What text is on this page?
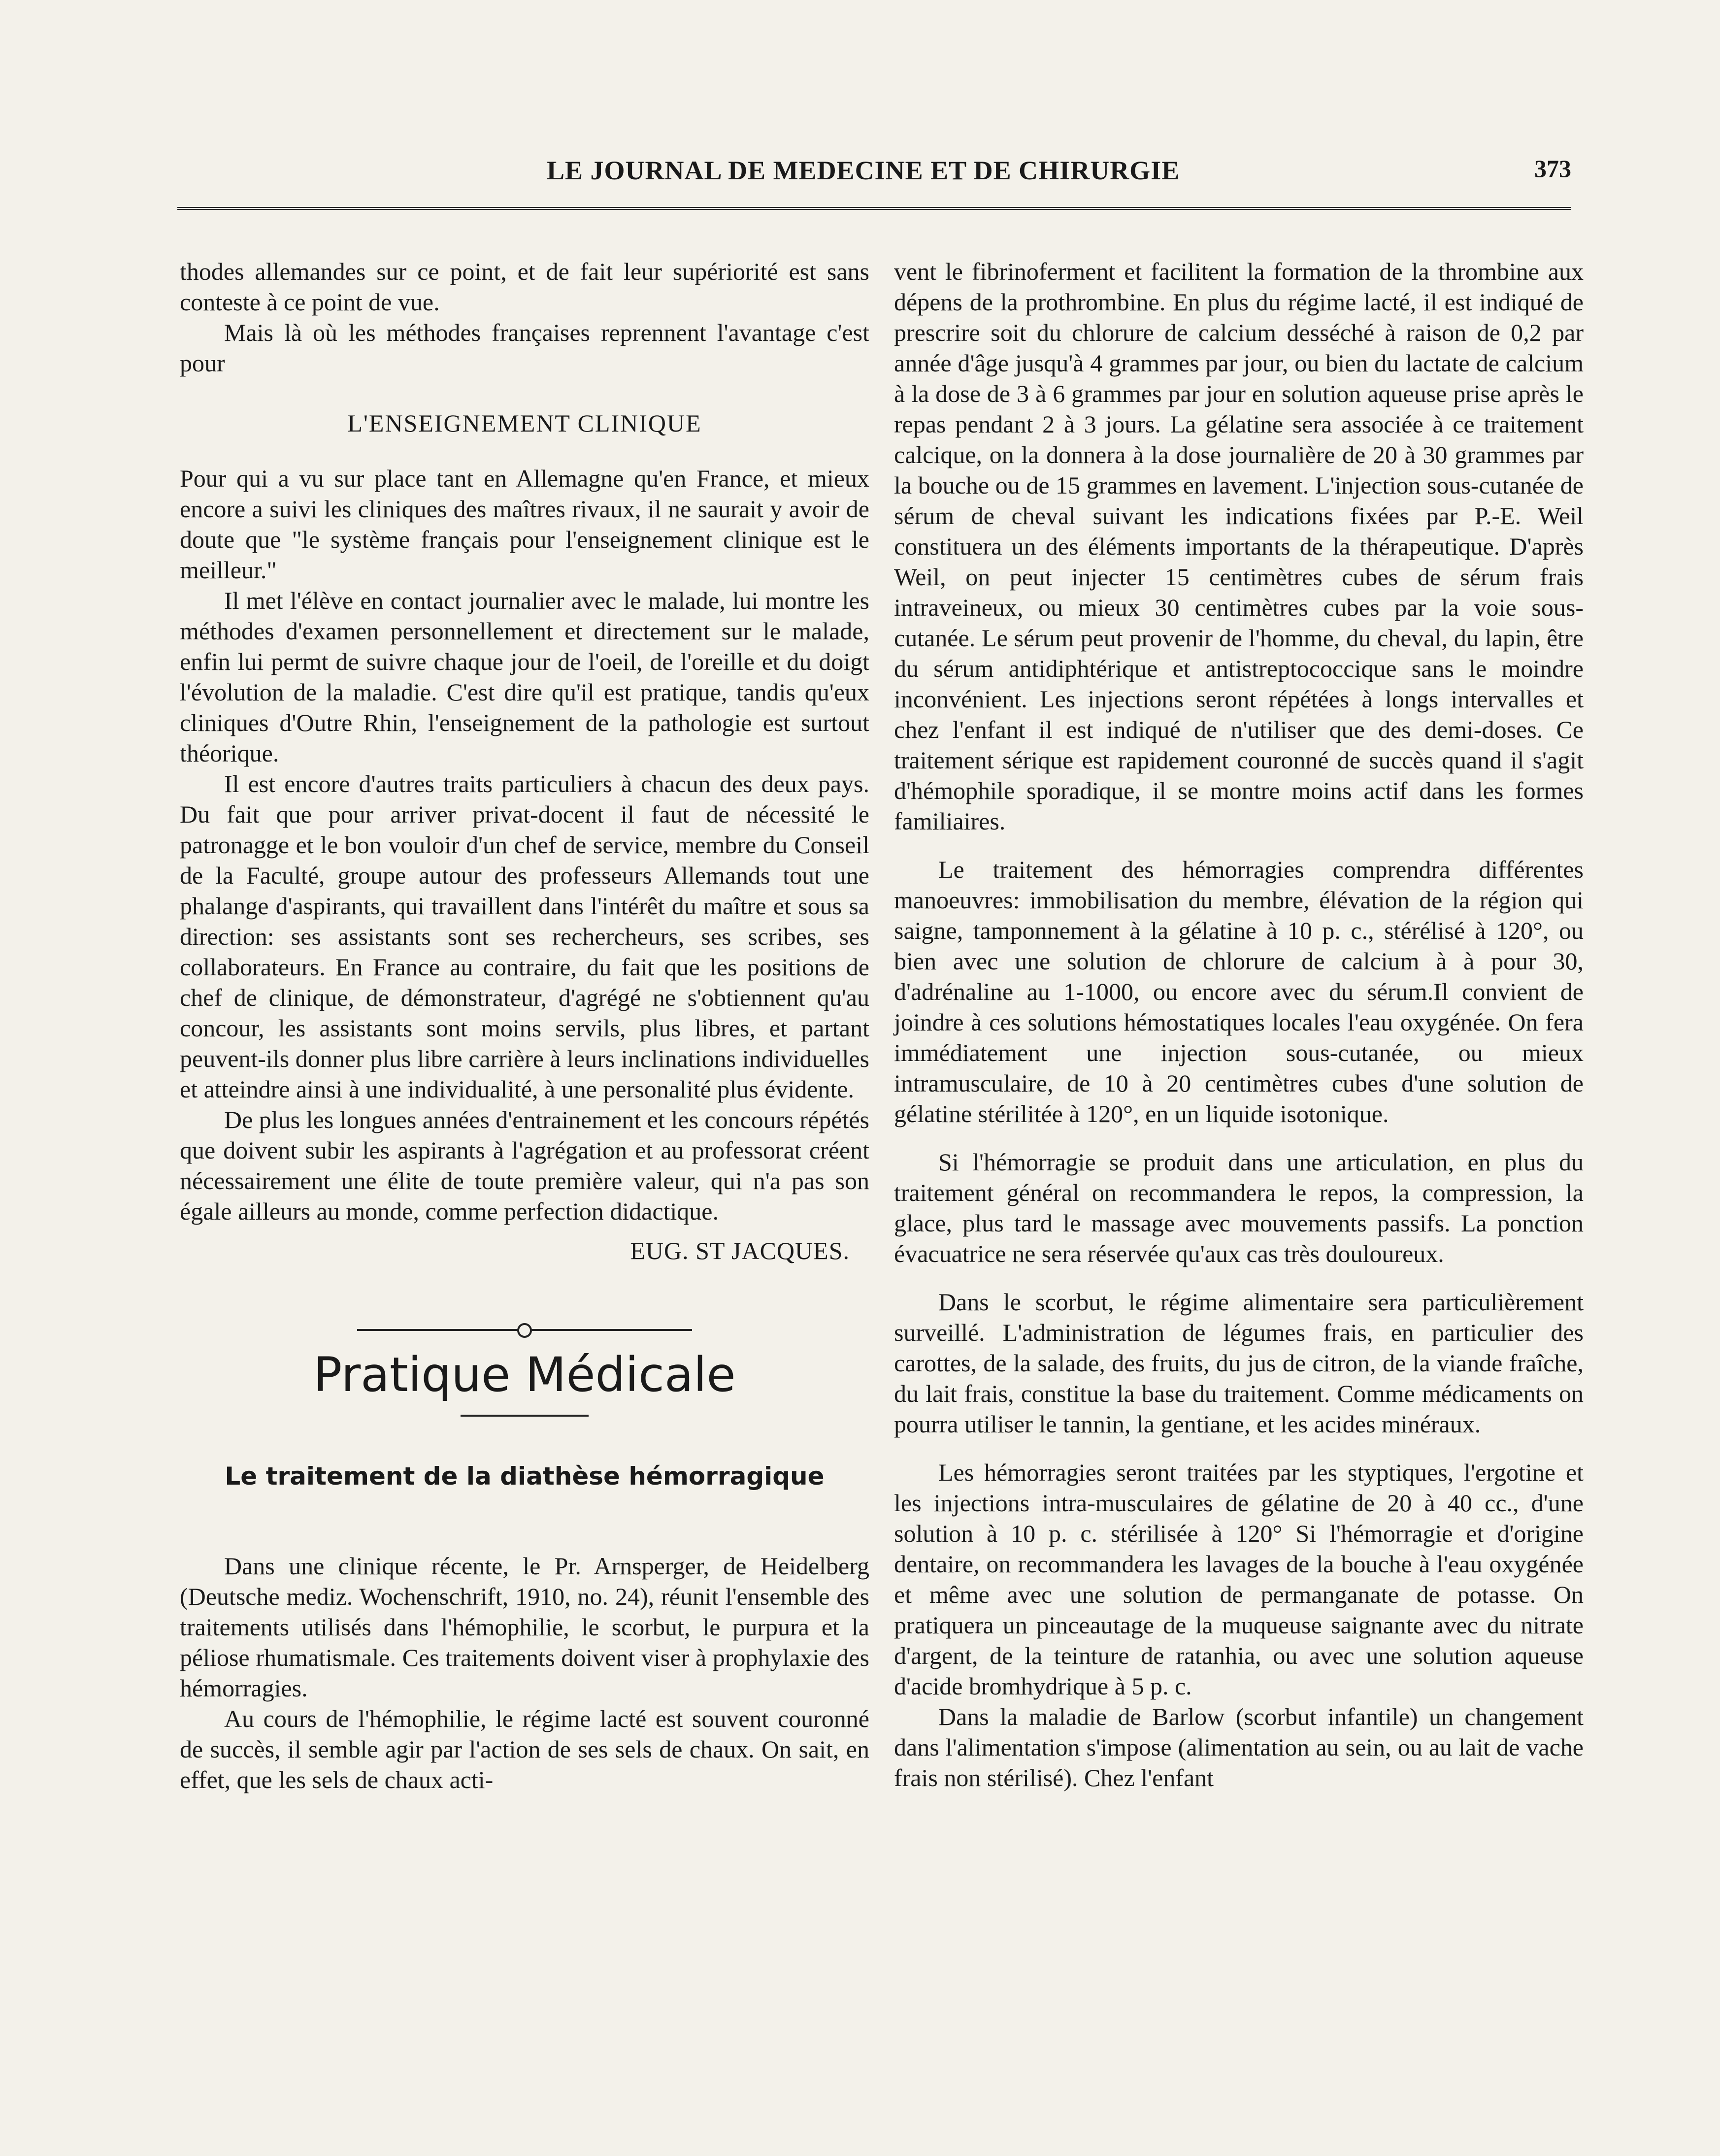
LE JOURNAL DE MEDECINE ET DE CHIRURGIE	373

thodes allemandes sur ce point, et de fait leur supériorité est sans conteste à ce point de vue.

Mais là où les méthodes françaises reprennent l'avantage c'est pour

L'ENSEIGNEMENT CLINIQUE

Pour qui a vu sur place tant en Allemagne qu'en France, et mieux encore a suivi les cliniques des maîtres rivaux, il ne saurait y avoir de doute que "le système français pour l'enseignement clinique est le meilleur."

Il met l'élève en contact journalier avec le malade, lui montre les méthodes d'examen personnellement et directement sur le malade, enfin lui permt de suivre chaque jour de l'oeil, de l'oreille et du doigt l'évolution de la maladie. C'est dire qu'il est pratique, tandis qu'eux cliniques d'Outre Rhin, l'enseignement de la pathologie est surtout théorique.

Il est encore d'autres traits particuliers à chacun des deux pays. Du fait que pour arriver privat-docent il faut de nécessité le patronagge et le bon vouloir d'un chef de service, membre du Conseil de la Faculté, groupe autour des professeurs Allemands tout une phalange d'aspirants, qui travaillent dans l'intérêt du maître et sous sa direction: ses assistants sont ses rechercheurs, ses scribes, ses collaborateurs. En France au contraire, du fait que les positions de chef de clinique, de démonstrateur, d'agrégé ne s'obtiennent qu'au concour, les assistants sont moins servils, plus libres, et partant peuvent-ils donner plus libre carrière à leurs inclinations individuelles et atteindre ainsi à une individualité, à une personalité plus évidente.

De plus les longues années d'entrainement et les concours répétés que doivent subir les aspirants à l'agrégation et au professorat créent nécessairement une élite de toute première valeur, qui n'a pas son égale ailleurs au monde, comme perfection didactique.

EUG. ST JACQUES.
Pratique Médicale
Le traitement de la diathèse hémorragique

Dans une clinique récente, le Pr. Arnsperger, de Heidelberg (Deutsche mediz. Wochenschrift, 1910, no. 24), réunit l'ensemble des traitements utilisés dans l'hémophilie, le scorbut, le purpura et la péliose rhumatismale. Ces traitements doivent viser à prophylaxie des hémorragies.

Au cours de l'hémophilie, le régime lacté est souvent couronné de succès, il semble agir par l'action de ses sels de chaux. On sait, en effet, que les sels de chaux acti-

vent le fibrinoferment et facilitent la formation de la thrombine aux dépens de la prothrombine. En plus du régime lacté, il est indiqué de prescrire soit du chlorure de calcium desséché à raison de 0,2 par année d'âge jusqu'à 4 grammes par jour, ou bien du lactate de calcium à la dose de 3 à 6 grammes par jour en solution aqueuse prise après le repas pendant 2 à 3 jours. La gélatine sera associée à ce traitement calcique, on la donnera à la dose journalière de 20 à 30 grammes par la bouche ou de 15 grammes en lavement. L'injection sous-cutanée de sérum de cheval suivant les indications fixées par P.-E. Weil constituera un des éléments importants de la thérapeutique. D'après Weil, on peut injecter 15 centimètres cubes de sérum frais intraveineux, ou mieux 30 centimètres cubes par la voie sous-cutanée. Le sérum peut provenir de l'homme, du cheval, du lapin, être du sérum antidiphtérique et antistreptococcique sans le moindre inconvénient. Les injections seront répétées à longs intervalles et chez l'enfant il est indiqué de n'utiliser que des demi-doses. Ce traitement sérique est rapidement couronné de succès quand il s'agit d'hémophile sporadique, il se montre moins actif dans les formes familiaires.

Le traitement des hémorragies comprendra différentes manoeuvres: immobilisation du membre, élévation de la région qui saigne, tamponnement à la gélatine à 10 p. c., stérélisé à 120°, ou bien avec une solution de chlorure de calcium à à pour 30, d'adrénaline au 1-1000, ou encore avec du sérum.Il convient de joindre à ces solutions hémostatiques locales l'eau oxygénée. On fera immédiatement une injection sous-cutanée, ou mieux intramusculaire, de 10 à 20 centimètres cubes d'une solution de gélatine stérilitée à 120°, en un liquide isotonique.

Si l'hémorragie se produit dans une articulation, en plus du traitement général on recommandera le repos, la compression, la glace, plus tard le massage avec mouvements passifs. La ponction évacuatrice ne sera réservée qu'aux cas très douloureux.

Dans le scorbut, le régime alimentaire sera particulièrement surveillé. L'administration de légumes frais, en particulier des carottes, de la salade, des fruits, du jus de citron, de la viande fraîche, du lait frais, constitue la base du traitement. Comme médicaments on pourra utiliser le tannin, la gentiane, et les acides minéraux.

Les hémorragies seront traitées par les styptiques, l'ergotine et les injections intra-musculaires de gélatine de 20 à 40 cc., d'une solution à 10 p. c. stérilisée à 120° Si l'hémorragie et d'origine dentaire, on recommandera les lavages de la bouche à l'eau oxygénée et même avec une solution de permanganate de potasse. On pratiquera un pinceautage de la muqueuse saignante avec du nitrate d'argent, de la teinture de ratanhia, ou avec une solution aqueuse d'acide bromhydrique à 5 p. c.

Dans la maladie de Barlow (scorbut infantile) un changement dans l'alimentation s'impose (alimentation au sein, ou au lait de vache frais non stérilisé). Chez l'enfant
